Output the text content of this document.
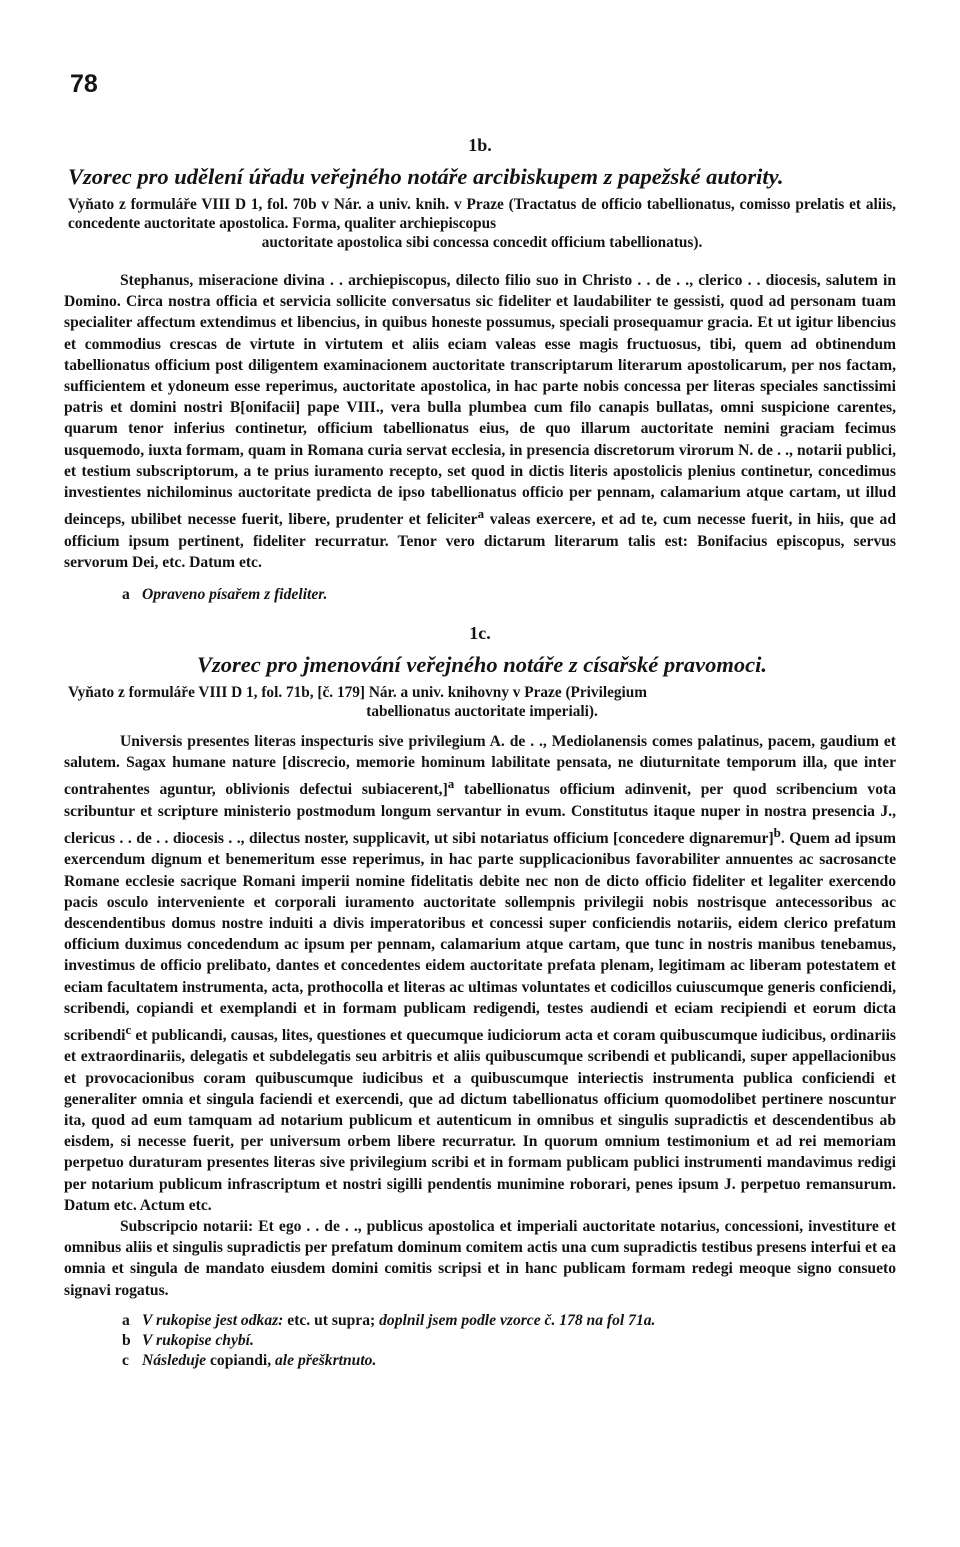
78
1b.
Vzorec pro udělení úřadu veřejného notáře arcibiskupem z papežské autority.

Vyňato z formuláře VIII D 1, fol. 70b v Nár. a univ. knih. v Praze (Tractatus de officio tabellionatus, comisso prelatis et aliis, concedente auctoritate apostolica. Forma, qualiter archiepiscopus

auctoritate apostolica sibi concessa concedit officium tabellionatus).

Stephanus, miseracione divina . . archiepiscopus, dilecto filio suo in Christo . . de . ., clerico . . diocesis, salutem in Domino. Circa nostra officia et servicia sollicite conversatus sic fideliter et laudabiliter te gessisti, quod ad personam tuam specialiter affectum extendimus et libencius, in quibus honeste possumus, speciali prosequamur gracia. Et ut igitur libencius et commodius crescas de virtute in virtutem et aliis eciam valeas esse magis fructuosus, tibi, quem ad obtinendum tabellionatus officium post diligentem examinacionem auctoritate transcriptarum literarum apostolicarum, per nos factam, sufficientem et ydoneum esse reperimus, auctoritate apostolica, in hac parte nobis concessa per literas speciales sanctissimi patris et domini nostri B[onifacii] pape VIII., vera bulla plumbea cum filo canapis bullatas, omni suspicione carentes, quarum tenor inferius continetur, officium tabellionatus eius, de quo illarum auctoritate nemini graciam fecimus usquemodo, iuxta formam, quam in Romana curia servat ecclesia, in presencia discretorum virorum N. de . ., notarii publici, et testium subscriptorum, a te prius iuramento recepto, set quod in dictis literis apostolicis plenius continetur, concedimus investientes nichilominus auctoritate predicta de ipso tabellionatus officio per pennam, calamarium atque cartam, ut illud deinceps, ubilibet necesse fuerit, libere, prudenter et feliciter$^a$ valeas exercere, et ad te, cum necesse fuerit, in hiis, que ad officium ipsum pertinent, fideliter recurratur. Tenor vero dictarum literarum talis est: Bonifacius episcopus, servus servorum Dei, etc. Datum etc.

a Opraveno písařem z fideliter.
1c.
Vzorec pro jmenování veřejného notáře z císařské pravomoci.

Vyňato z formuláře VIII D 1, fol. 71b, [č. 179] Nár. a univ. knihovny v Praze (Privilegium

tabellionatus auctoritate imperiali).

Universis presentes literas inspecturis sive privilegium A. de . ., Mediolanensis comes palatinus, pacem, gaudium et salutem. Sagax humane nature [discrecio, memorie hominum labilitate pensata, ne diuturnitate temporum illa, que inter contrahentes aguntur, oblivionis defectui subiacerent,]$^a$ tabellionatus officium adinvenit, per quod scribencium vota scribuntur et scripture ministerio postmodum longum servantur in evum. Constitutus itaque nuper in nostra presencia J., clericus . . de . . diocesis . ., dilectus noster, supplicavit, ut sibi notariatus officium [concedere dignaremur]$^b$. Quem ad ipsum exercendum dignum et benemeritum esse reperimus, in hac parte supplicacionibus favorabiliter annuentes ac sacrosancte Romane ecclesie sacrique Romani imperii nomine fidelitatis debite nec non de dicto officio fideliter et legaliter exercendo pacis osculo interveniente et corporali iuramento auctoritate sollempnis privilegii nobis nostrisque antecessoribus ac descendentibus domus nostre induiti a divis imperatoribus et concessi super conficiendis notariis, eidem clerico prefatum officium duximus concedendum ac ipsum per pennam, calamarium atque cartam, que tunc in nostris manibus tenebamus, investimus de officio prelibato, dantes et concedentes eidem auctoritate prefata plenam, legitimam ac liberam potestatem et eciam facultatem instrumenta, acta, prothocolla et literas ac ultimas voluntates et codicillos cuiuscumque generis conficiendi, scribendi, copiandi et exemplandi et in formam publicam redigendi, testes audiendi et eciam recipiendi et eorum dicta scribendi$^c$ et publicandi, causas, lites, questiones et quecumque iudiciorum acta et coram quibuscumque iudicibus, ordinariis et extraordinariis, delegatis et subdelegatis seu arbitris et aliis quibuscumque scribendi et publicandi, super appellacionibus et provocacionibus coram quibuscumque iudicibus et a quibuscumque interiectis instrumenta publica conficiendi et generaliter omnia et singula faciendi et exercendi, que ad dictum tabellionatus officium quomodolibet pertinere noscuntur ita, quod ad eum tamquam ad notarium publicum et autenticum in omnibus et singulis supradictis et descendentibus ab eisdem, si necesse fuerit, per universum orbem libere recurratur. In quorum omnium testimonium et ad rei memoriam perpetuo duraturam presentes literas sive privilegium scribi et in formam publicam publici instrumenti mandavimus redigi per notarium publicum infrascriptum et nostri sigilli pendentis munimine roborari, penes ipsum J. perpetuo remansurum. Datum etc. Actum etc.

Subscripcio notarii: Et ego . . de . ., publicus apostolica et imperiali auctoritate notarius, concessioni, investiture et omnibus aliis et singulis supradictis per prefatum dominum comitem actis una cum supradictis testibus presens interfui et ea omnia et singula de mandato eiusdem domini comitis scripsi et in hanc publicam formam redegi meoque signo consueto signavi rogatus.

a V rukopise jest odkaz: etc. ut supra; doplnil jsem podle vzorce č. 178 na fol 71a.
b V rukopise chybí.
c Následuje copiandi, ale přeškrtnuto.
